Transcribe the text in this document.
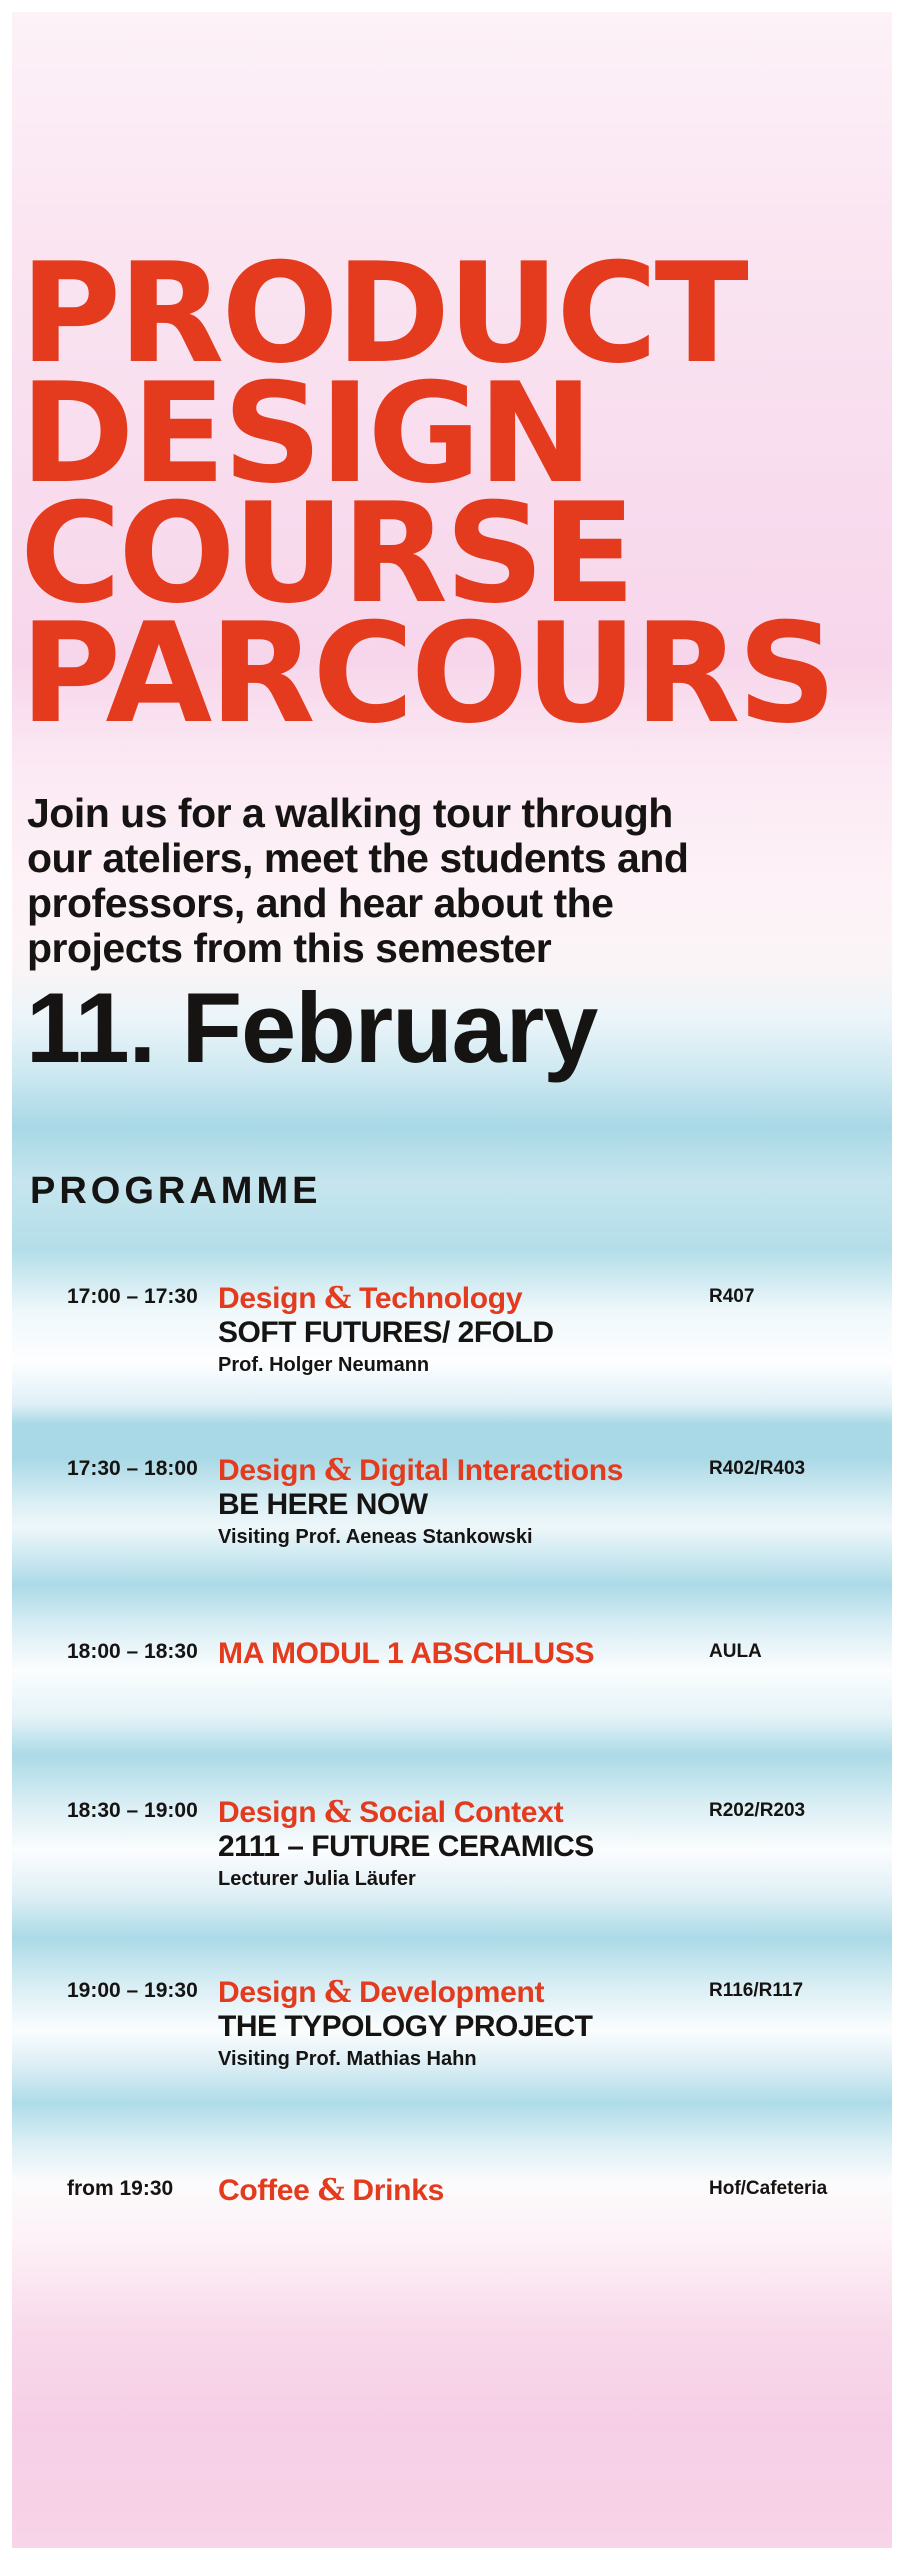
PRODUCT
DESIGN
COURSE
PARCOURS
Join us for a walking tour through
our ateliers, meet the students and
professors, and hear about the
projects from this semester
11. February
PROGRAMME
17:00 – 17:30 Design & Technology
SOFT FUTURES/ 2FOLD
Prof. Holger Neumann
R407
17:30 – 18:00 Design & Digital Interactions
BE HERE NOW
Visiting Prof. Aeneas Stankowski
R402/R403
18:00 – 18:30 MA MODUL 1 ABSCHLUSS	AULA
18:30 – 19:00 Design & Social Context
2111 – FUTURE CERAMICS
Lecturer Julia Läufer
R202/R203
19:00 – 19:30 Design & Development
THE TYPOLOGY PROJECT
Visiting Prof. Mathias Hahn
R116/R117
from 19:30 Coffee & Drinks	Hof/Cafeteria
